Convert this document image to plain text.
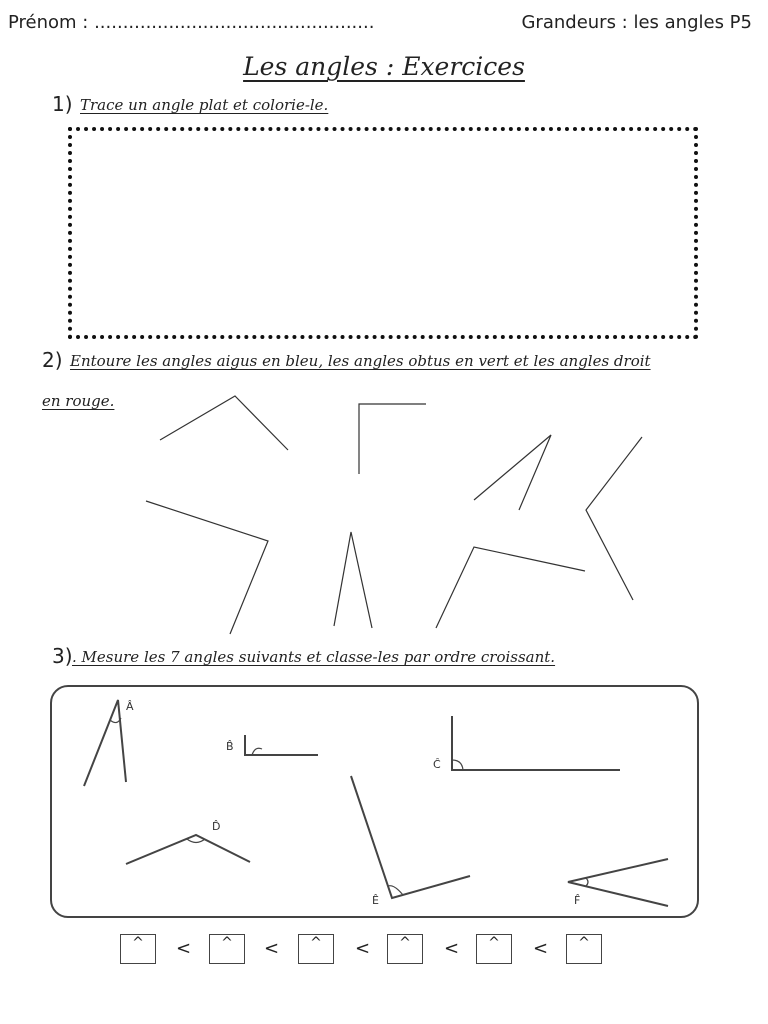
Prénom : .................................................	Grandeurs : les angles P5
Les angles : Exercices
1) Trace un angle plat et colorie-le.
2) Entoure les angles aigus en bleu, les angles obtus en vert et les angles droit
en rouge.
3) . Mesure les 7 angles suivants et classe-les par ordre croissant.
Â
B̂
Ĉ
D̂
Ê	F̂
^	<	^	<	^	<	^	<	^	<	^
